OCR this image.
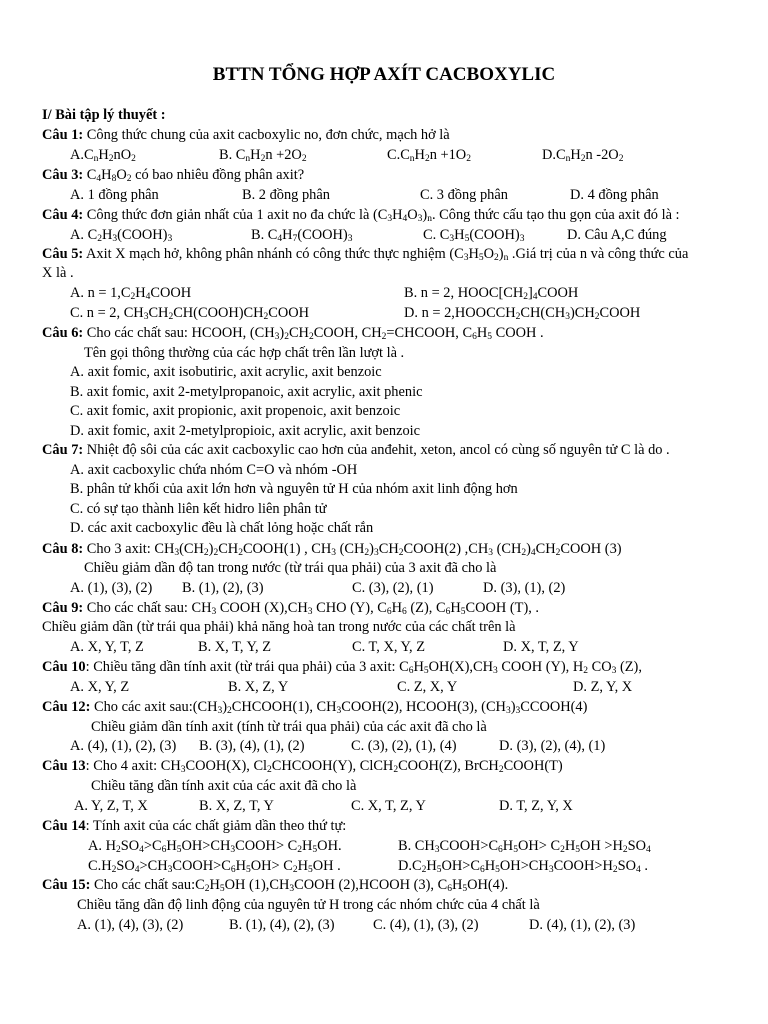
BTTN TỔNG HỢP AXÍT CACBOXYLIC
I/ Bài tập lý thuyết :
Câu 1: Công thức chung của axit cacboxylic no, đơn chức, mạch hở là
$A.C_nH_2nO_2$	B. $C_nH_2n +2O_2$	$C.C_nH_2n +1O_2$	$D.C_nH_2n$ $-2O_2$
Câu 3: $C_4H_8O_2$ có bao nhiêu đồng phân axit?
A. 1 đồng phân	B. 2 đồng phân	C. 3 đồng phân	D. 4 đồng phân
Câu 4: Công thức đơn giản nhất của 1 axit no đa chức là $(C_3H_4O_3)_n$. Công thức cấu tạo thu gọn của axit đó là :
A. $C_2H_3(COOH)_3$	B. $C_4H_7(COOH)_3$	C. $C_3H_5(COOH)_3$	D. Câu A,C đúng
Câu 5: Axit X mạch hở, không phân nhánh có công thức thực nghiệm $(C_3H_5O_2)_n$ .Giá trị của n và công thức của
X là .
A. $n = 1,C_2H_4COOH$	B. n = 2, $HOOC[CH_2]_4COOH$
C. n = 2, $CH_3CH_2CH(COOH)CH_2COOH$	D. $n = 2,HOOCCH_2CH(CH_3)CH_2COOH$
Câu 6: Cho các chất sau: HCOOH, $(CH_3)_2CH_2COOH$, $CH_2=CHCOOH$, $C_6H_5$ COOH .
Tên gọi thông thường của các hợp chất trên lần lượt là .
A. axit fomic, axit isobutiric, axit acrylic, axit benzoic
B. axit fomic, axit 2-metylpropanoic, axit acrylic, axit phenic
C. axit fomic, axit propionic, axit propenoic, axit benzoic
D. axit fomic, axit 2-metylpropioic, axit acrylic, axit benzoic
Câu 7: Nhiệt độ sôi của các axit cacboxylic cao hơn của anđehit, xeton, ancol có cùng số nguyên tử C là do .
A. axit cacboxylic chứa nhóm C=O và nhóm -OH
B. phân tử khối của axit lớn hơn và nguyên tử H của nhóm axit linh động hơn
C. có sự tạo thành liên kết hidro liên phân tử
D. các axit cacboxylic đều là chất lỏng hoặc chất rắn
Câu 8: Cho 3 axit: $CH_3(CH_2)_2CH_2COOH(1)$ , $CH_3$ $(CH_2)_3CH_2COOH(2)$ $,CH_3$ $(CH_2)_4CH_2COOH$ (3)
Chiều giảm dần độ tan trong nước (từ trái qua phải) của 3 axit đã cho là
A. (1), (3), (2) B. (1), (2), (3)	C. (3), (2), (1)	D. (3), (1), (2)
Câu 9: Cho các chất sau: $CH_3$ COOH $(X),CH_3$ CHO (Y), $C_6H_6$ (Z), $C_6H_5COOH$ (T), .
Chiều giảm dần (từ trái qua phải) khả năng hoà tan trong nước của các chất trên là
A. X, Y, T, Z	B. X, T, Y, Z	C. T, X, Y, Z	D. X, T, Z, Y
Câu 10: Chiều tăng dần tính axit (từ trái qua phải) của 3 axit: $C_6H_5OH(X),CH_3$ COOH (Y), $H_2$ $CO_3$ (Z),
A. X, Y, Z	B. X, Z, Y	C. Z, X, Y	D. Z, Y, X
Câu 12: Cho các axit $sau:(CH_3)_2CHCOOH(1)$, $CH_3COOH(2)$, HCOOH(3), $(CH_3)_3CCOOH(4)$
Chiều giảm dần tính axit (tính từ trái qua phải) của các axit đã cho là
A. (4), (1), (2), (3) B. (3), (4), (1), (2)	C. (3), (2), (1), (4)	D. (3), (2), (4), (1)
Câu 13: Cho 4 axit: $CH_3COOH(X)$, $Cl_2CHCOOH(Y)$, ClCH$_2$COOH(Z), BrCH$_2$COOH(T)
Chiều tăng dần tính axit của các axit đã cho là
A. Y, Z, T, X	B. X, Z, T, Y	C. X, T, Z, Y	D. T, Z, Y, X
Câu 14: Tính axit của các chất giảm dần theo thứ tự:
A. $H_2SO_4>C_6H_5OH>CH_3COOH> C_2H_5OH$.	B. $CH_3COOH>C_6H_5OH> C_2H_5OH >H_2SO_4$
$C.H_2SO_4>CH_3COOH>C_6H_5OH> C_2H_5OH$ .	$D.C_2H_5OH>C_6H_5OH>CH_3COOH>H_2SO_4$ .
Câu 15: Cho các chất $sau:C_2H_5OH$ $(1),CH_3COOH$ (2),HCOOH (3), $C_6H_5OH(4)$.
Chiều tăng dần độ linh động của nguyên tử H trong các nhóm chức của 4 chất là
A. (1), (4), (3), (2)	B. (1), (4), (2), (3)	C. (4), (1), (3), (2)	D. (4), (1), (2), (3)
